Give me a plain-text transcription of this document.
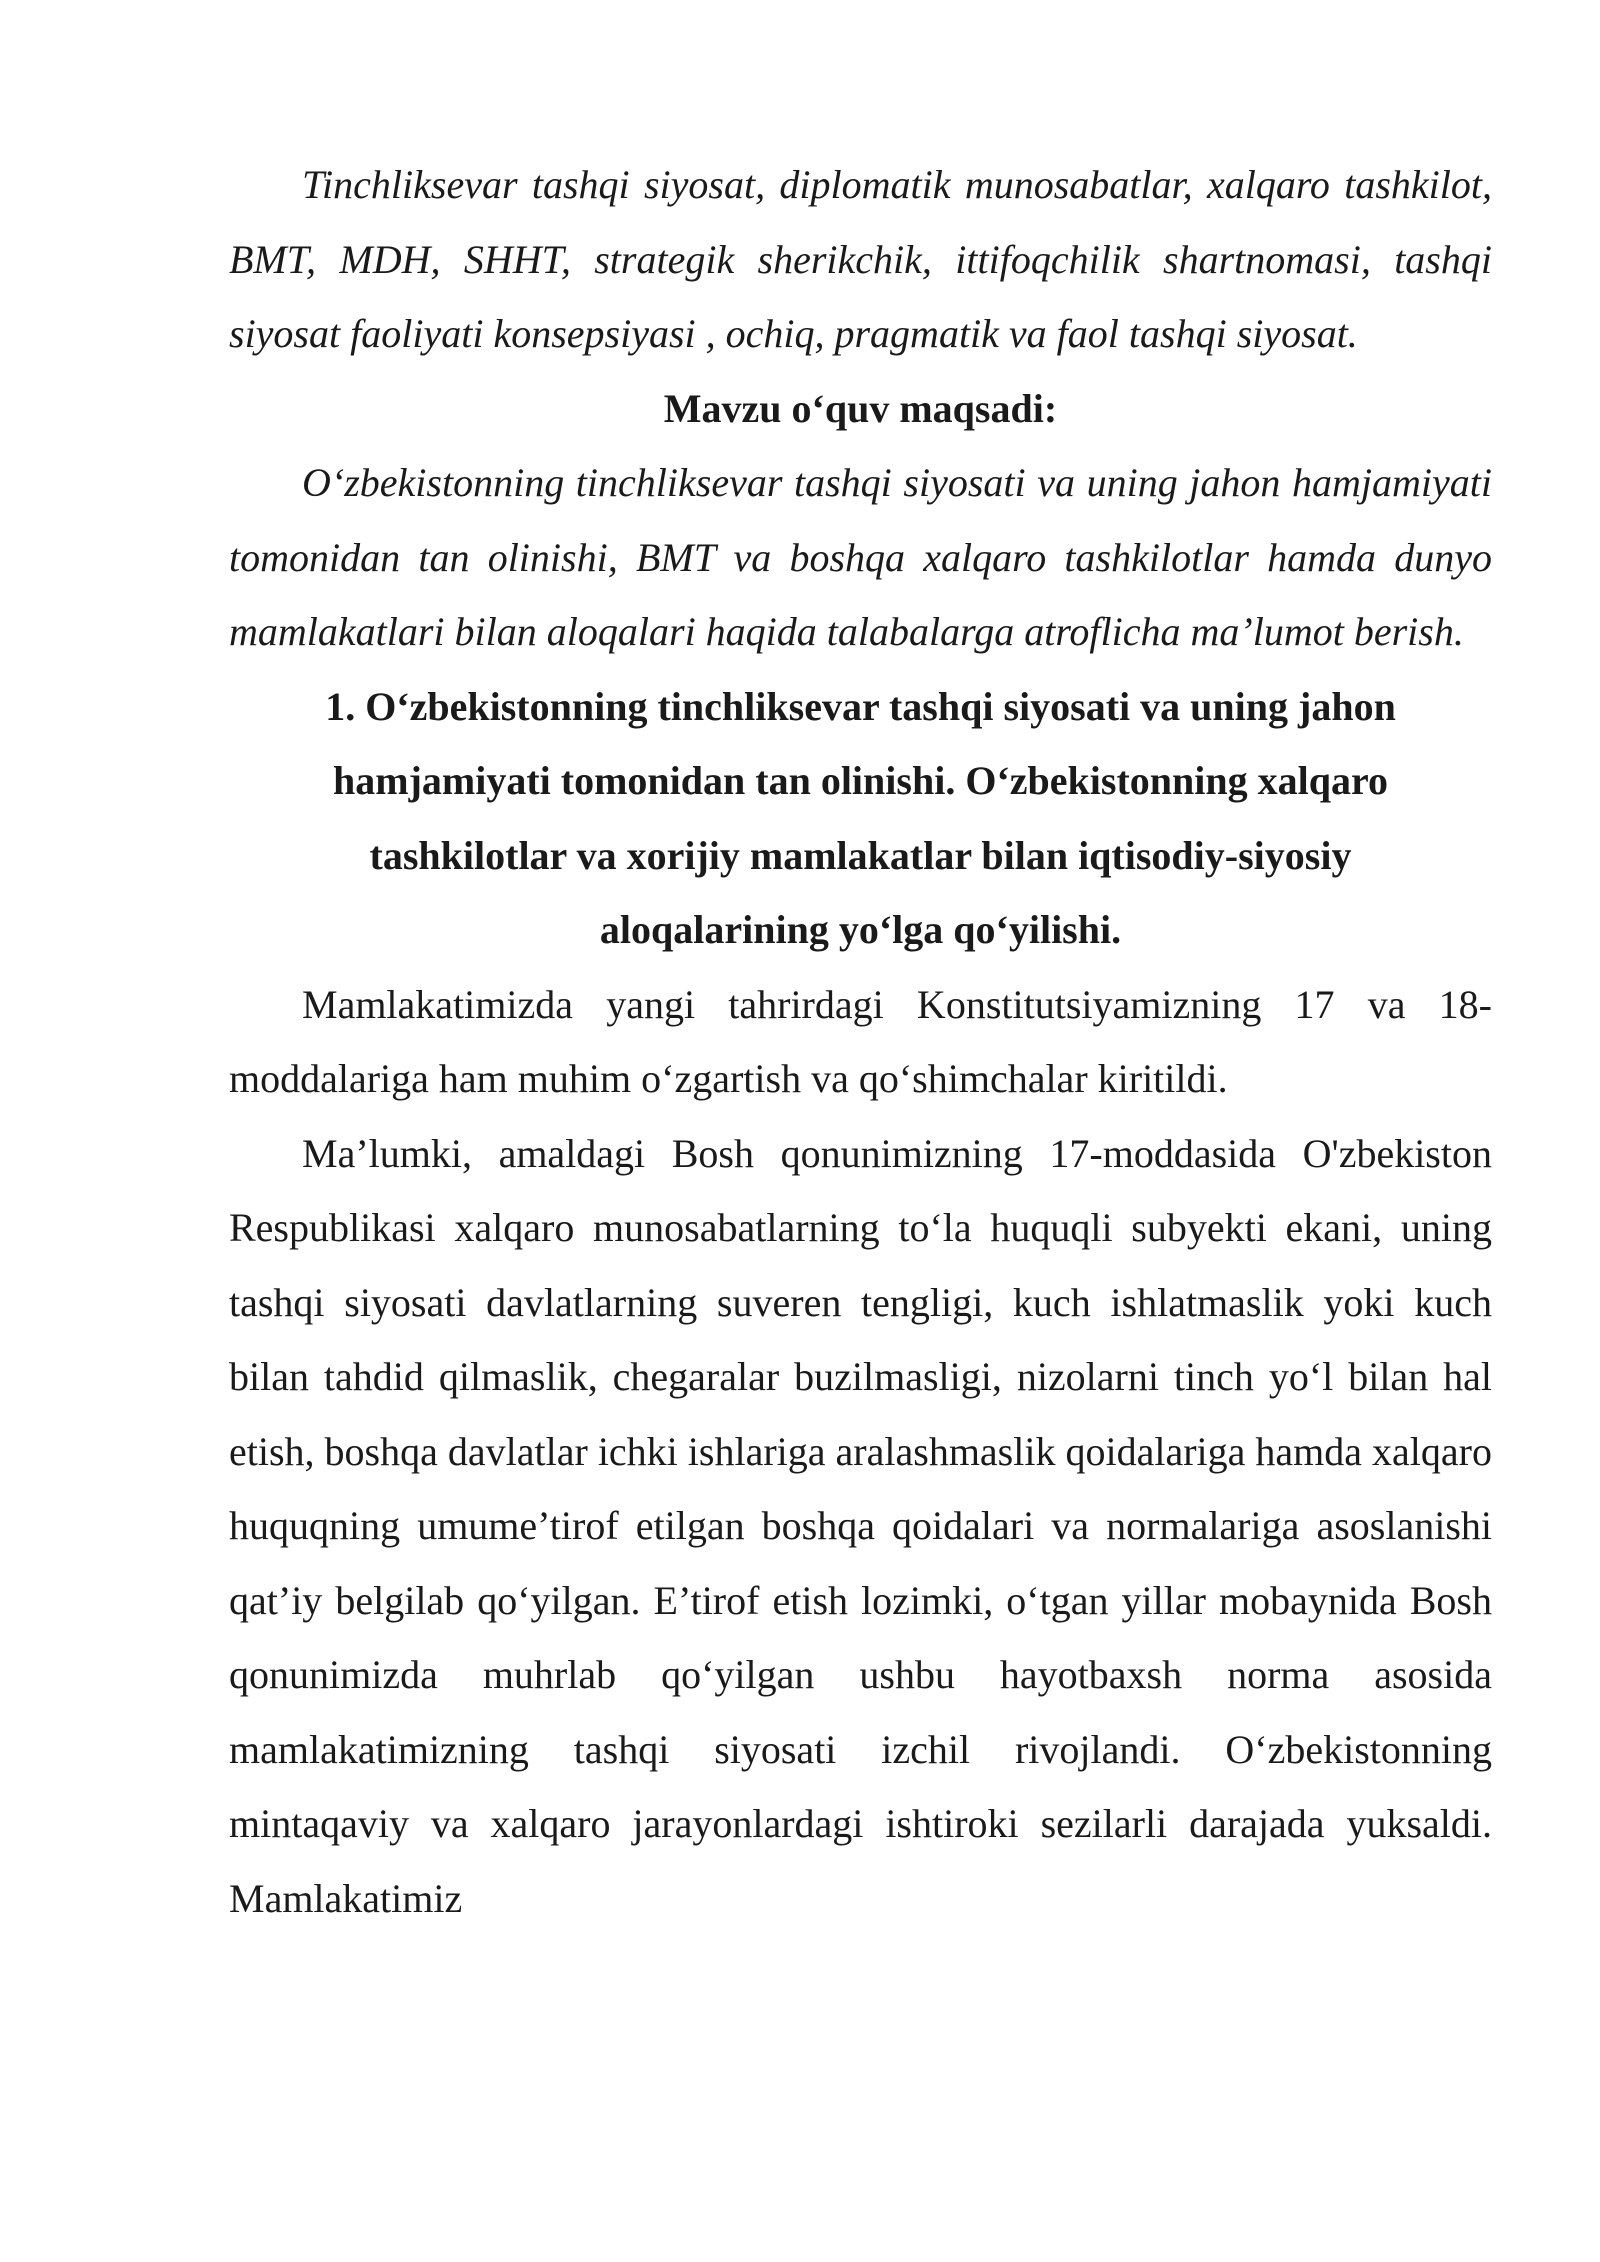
Tinchliksevar tashqi siyosat, diplomatik munosabatlar, xalqaro tashkilot, BMT, MDH, SHHT, strategik sherikchik, ittifoqchilik shartnomasi, tashqi siyosat faoliyati konsepsiyasi , ochiq, pragmatik va faol tashqi siyosat.

Mavzu o‘quv maqsadi:

O‘zbekistonning tinchliksevar tashqi siyosati va uning jahon hamjamiyati tomonidan tan olinishi, BMT va boshqa xalqaro tashkilotlar hamda dunyo mamlakatlari bilan aloqalari haqida talabalarga atroflicha ma’lumot berish.

1. O‘zbekistonning tinchliksevar tashqi siyosati va uning jahon hamjamiyati tomonidan tan olinishi. O‘zbekistonning xalqaro tashkilotlar va xorijiy mamlakatlar bilan iqtisodiy-siyosiy aloqalarining yo‘lga qo‘yilishi.

Mamlakatimizda yangi tahrirdagi Konstitutsiyamizning 17 va 18-moddalariga ham muhim o‘zgartish va qo‘shimchalar kiritildi.

Ma’lumki, amaldagi Bosh qonunimizning 17-moddasida O'zbekiston Respublikasi xalqaro munosabatlarning to‘la huquqli subyekti ekani, uning tashqi siyosati davlatlarning suveren tengligi, kuch ishlatmaslik yoki kuch bilan tahdid qilmaslik, chegaralar buzilmasligi, nizolarni tinch yo‘l bilan hal etish, boshqa davlatlar ichki ishlariga aralashmaslik qoidalariga hamda xalqaro huquqning umume’tirof etilgan boshqa qoidalari va normalariga asoslanishi qat’iy belgilab qo‘yilgan. E’tirof etish lozimki, o‘tgan yillar mobaynida Bosh qonunimizda muhrlab qo‘yilgan ushbu hayotbaxsh norma asosida mamlakatimizning tashqi siyosati izchil rivojlandi. O‘zbekistonning mintaqaviy va xalqaro jarayonlardagi ishtiroki sezilarli darajada yuksaldi. Mamlakatimiz
